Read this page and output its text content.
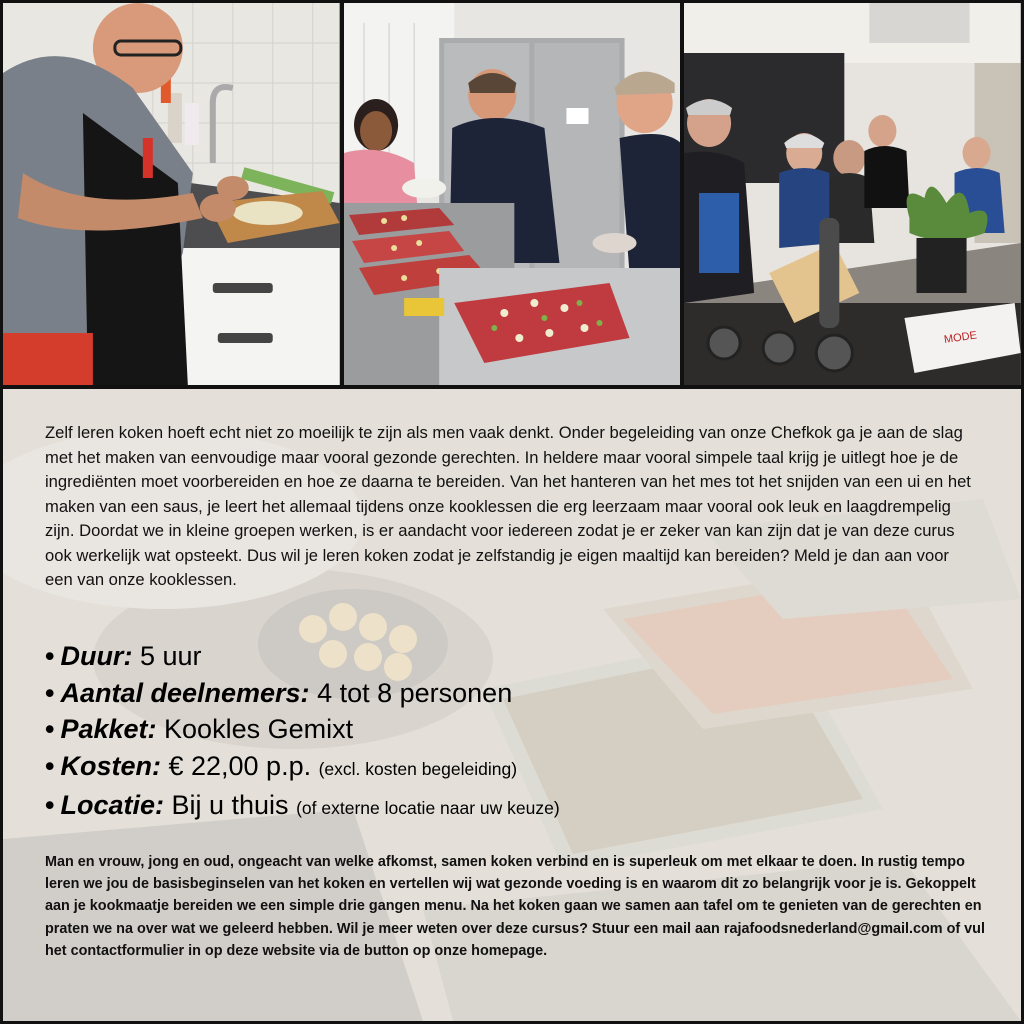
MODE

Zelf leren koken hoeft echt niet zo moeilijk te zijn als men vaak denkt. Onder begeleiding van onze Chefkok ga je aan de slag met het maken van eenvoudige maar vooral gezonde gerechten. In heldere maar vooral simpele taal krijg je uitlegt hoe je de ingrediënten moet voorbereiden en hoe ze daarna te bereiden. Van het hanteren van het mes tot het snijden van een ui en het maken van een saus, je leert het allemaal tijdens onze kooklessen die erg leerzaam maar vooral ook leuk en laagdrempelig zijn. Doordat we in kleine groepen werken, is er aandacht voor iedereen zodat je er zeker van kan zijn dat je van deze curus ook werkelijk wat opsteekt. Dus wil je leren koken zodat je zelfstandig je eigen maaltijd kan bereiden? Meld je dan aan voor een van onze kooklessen.

• Duur: 5 uur
• Aantal deelnemers: 4 tot 8 personen
• Pakket: Kookles Gemixt
• Kosten: € 22,00 p.p. (excl. kosten begeleiding)
• Locatie: Bij u thuis (of externe locatie naar uw keuze)

Man en vrouw, jong en oud, ongeacht van welke afkomst, samen koken verbind en is superleuk om met elkaar te doen. In rustig tempo leren we jou de basisbeginselen van het koken en vertellen wij wat gezonde voeding is en waarom dit zo belangrijk voor je is. Gekoppelt aan je kookmaatje bereiden we een simple drie gangen menu. Na het koken gaan we samen aan tafel om te genieten van de gerechten en praten we na over wat we geleerd hebben. Wil je meer weten over deze cursus? Stuur een mail aan rajafoodsnederland@gmail.com of vul het contactformulier in op deze website via de button op onze homepage.
